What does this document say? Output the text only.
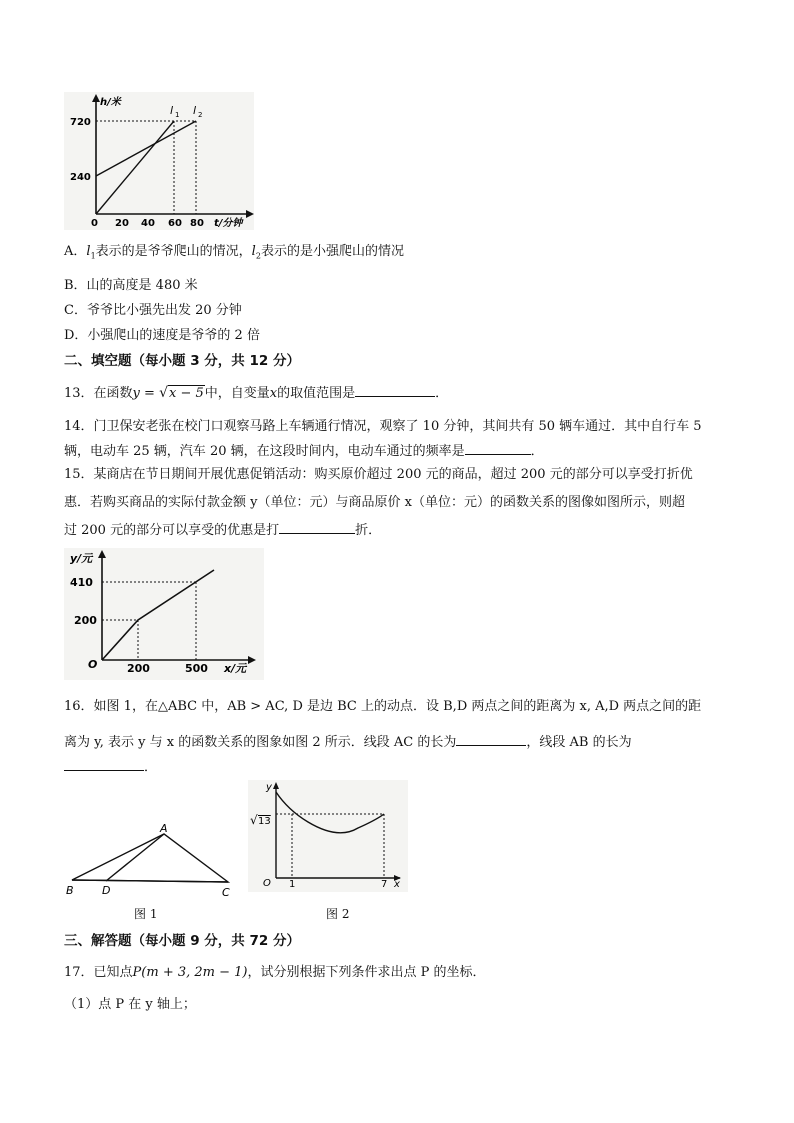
h/米
l 1 l 2
720
240
0 20 40 60 80 t/分钟
A．$l_1$表示的是爷爷爬山的情况，$l_2$表示的是小强爬山的情况
B．山的高度是 480 米
C．爷爷比小强先出发 20 分钟
D．小强爬山的速度是爷爷的 2 倍
二、填空题（每小题 3 分，共 12 分）
13．在函数y = √x − 5中，自变量x的取值范围是	．
14．门卫保安老张在校门口观察马路上车辆通行情况，观察了 10 分钟，其间共有 50 辆车通过．其中自行车 5
辆，电动车 25 辆，汽车 20 辆，在这段时间内，电动车通过的频率是	．
15．某商店在节日期间开展优惠促销活动：购买原价超过 200 元的商品，超过 200 元的部分可以享受打折优
惠．若购买商品的实际付款金额 y（单位：元）与商品原价 x（单位：元）的函数关系的图像如图所示，则超
过 200 元的部分可以享受的优惠是打	折．
y/元
410
200
O	200	500 x/元
16．如图 1，在△ABC 中，AB > AC, D 是边 BC 上的动点．设 B,D 两点之间的距离为 x, A,D 两点之间的距
离为 y, 表示 y 与 x 的函数关系的图象如图 2 所示．线段 AC 的长为	，线段 AB 的长为
．
A
B	D	C
图 1
y
√ 13
O 1	7 x
图 2
三、解答题（每小题 9 分，共 72 分）
17．已知点P(m + 3, 2m − 1)，试分别根据下列条件求出点 P 的坐标．
（1）点 P 在 y 轴上；
